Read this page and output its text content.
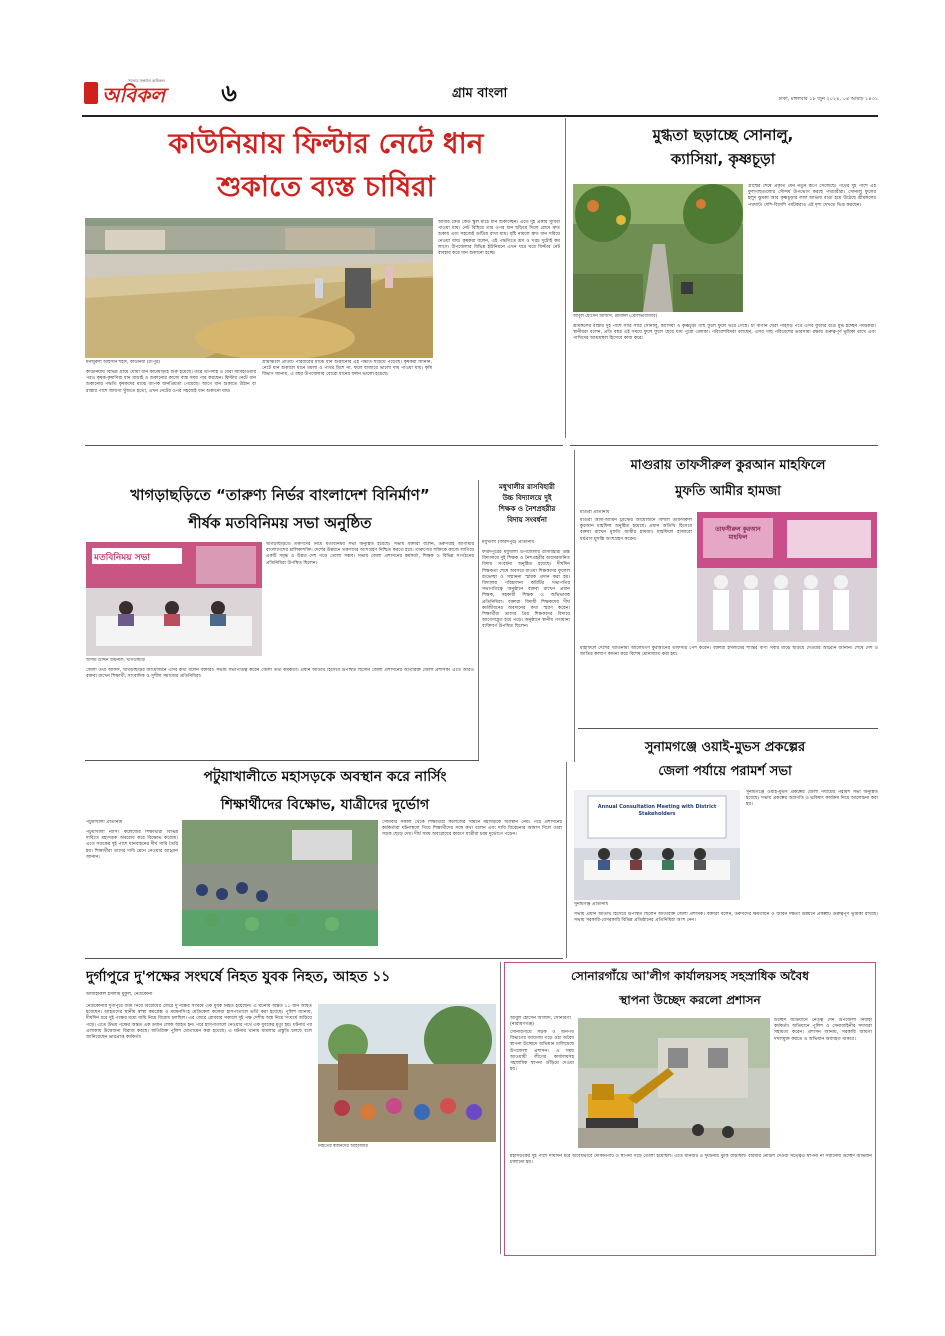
অবিকল
সত্যের সন্ধানে অবিকল ৬	গ্রাম বাংলা	ঢাকা, মঙ্গলবার ১৮ জুন ২০২৪, ০৪ আষাঢ় ১৪৩১
কাউনিয়ায় ফিল্টার নেটে ধান
শুকাতে ব্যস্ত চাষিরা
মনজুরুল আহসান শহীদ, কাউনিয়া (রংপুর)
কাউনিয়ায় বিভিন্ন গ্রামে ধোয়া ধান কাটামাড়াই শুরু হয়েছে। তীব্র তাপদাহ ও বৈরী আবহাওয়ার পরও কৃষক-কৃষাণিরা ধান মাড়াই ও শুকানোর কাজে ব্যস্ত সময় পার করছেন। ফিল্টার নেটে ধান শুকানোর পদ্ধতি কৃষকদের মাঝে ব্যাপক জনপ্রিয়তা পেয়েছে। আগে ধান শুকাতে উঠান বা রাস্তার পাশে জায়গা খুঁজতে হতো, এখন নেটের ওপর সহজেই ধান শুকানো যায়।
গ্রামাঞ্চলে প্রতিটি পরিবারের মাঝে ধান শুকানোর এই পদ্ধতি ছড়িয়ে পড়েছে। কৃষকরা জানান, নেটে ধান শুকালে ধানে ময়লা ও পাথর মিশে না, ফলে বাজারে ভালো দাম পাওয়া যায়। কৃষি বিভাগ জানায়, এ বছর উপজেলায় বোরো ধানের ফলন ভালো হয়েছে।
আবার কেউ কেউ স্কুল মাঠে ধান শুকাচ্ছেন। এতে দুই প্রকার সুবিধা পাওয়া যায়। নেট বিছিয়ে তার ওপর ধান ছড়িয়ে দিলে রোদে দ্রুত শুকায় এবং সহজেই গুটিয়ে রাখা যায়। বৃষ্টি নামলে দ্রুত ধান সরিয়ে নেওয়া যায়। কৃষকরা বলেন, এই পদ্ধতিতে শ্রম ও খরচ দুটোই কম লাগে। উপজেলার বিভিন্ন ইউনিয়নে এখন ঘরে ঘরে ফিল্টার নেট ব্যবহার করে ধান শুকানো হচ্ছে।
মুগ্ধতা ছড়াচ্ছে সোনালু,
ক্যাসিয়া, কৃষ্ণচূড়া
আবুল হোসেন আজাদ, শ্রীমঙ্গল (মৌলভীবাজার)
গ্রীষ্মের শেষে প্রকৃতি যেন নতুন রূপে সেজেছে। পথের দুই পাশে এই ফুলগাছগুলোর সৌন্দর্য উপভোগ করছে পথচারীরা। সোনালু ফুলের হলুদ ঝুমকা আর কৃষ্ণচূড়ার লাল আভায় রাঙা হয়ে উঠেছে শ্রীমঙ্গলের পথঘাট। দেশি-বিদেশি পর্যটকরাও এই দৃশ্য দেখতে ভিড় করছেন।
শ্রীমঙ্গলের রাস্তার দুই পাশে সারি সারি সোনালু, ক্যাসিয়া ও কৃষ্ণচূড়া গাছ ফুলে ফুলে ভরে গেছে। চা বাগান ঘেরা পাহাড়ি পথে এসব ফুলের রঙে মুগ্ধ হচ্ছেন পর্যটকরা। স্থানীয়রা বলেন, প্রতি বছর এই সময়ে ফুলে ফুলে ছেয়ে যায় পুরো এলাকা। পরিবেশবিদরা বলছেন, এসব গাছ পরিবেশের ভারসাম্য রক্ষায় গুরুত্বপূর্ণ ভূমিকা রাখে এবং পাখিদের আশ্রয়স্থল হিসেবে কাজ করে।
খাগড়াছড়িতে “তারুণ্য নির্ভর বাংলাদেশ বিনির্মাণ”
শীর্ষক মতবিনিময় সভা অনুষ্ঠিত
মতবিনিময় সভা
জসীম উদ্দিন জয়নাল, খাগড়াছড়ি
খাগড়াছড়িতে তরুণদের নিয়ে মতবিনিময় সভা অনুষ্ঠিত হয়েছে। সভায় বক্তারা বলেন, তরুণরাই আগামীর বাংলাদেশের চালিকাশক্তি। দেশের উন্নয়নে তরুণদের অংশগ্রহণ নিশ্চিত করতে হবে। তারুণ্যের শক্তিকে কাজে লাগিয়ে একটি সমৃদ্ধ ও উন্নত দেশ গড়ে তোলা সম্ভব। সভায় জেলা প্রশাসনের কর্মকর্তা, শিক্ষক ও বিভিন্ন সংগঠনের প্রতিনিধিরা উপস্থিত ছিলেন।
জেলা তথ্য অফিস, খাগড়াছড়ির আয়োজনে এসব কথা বলেন বক্তারা। সভায় সভাপতিত্ব করেন জেলা তথ্য কর্মকর্তা। প্রধান অতিথি হিসেবে উপস্থিত ছিলেন জেলা প্রশাসনের অতিরিক্ত জেলা প্রশাসক। এতে আরও বক্তব্য রাখেন শিক্ষার্থী, সাংবাদিক ও সুশীল সমাজের প্রতিনিধিরা।
মধুখালীর রাসবিহারী
উচ্চ বিদ্যালয়ে দুই
শিক্ষক ও নৈশপ্রহরীর
বিদায় সংবর্ধনা
মধুখালী (ফরিদপুর) প্রতিনিধি
ফরিদপুরের মধুখালী উপজেলার রাসবিহারী উচ্চ বিদ্যালয়ে দুই শিক্ষক ও নৈশপ্রহরীর অবসরজনিত বিদায় সংবর্ধনা অনুষ্ঠিত হয়েছে। দীর্ঘদিন শিক্ষকতা শেষে অবসরে যাওয়া শিক্ষকদের ফুলেল শুভেচ্ছা ও সম্মাননা স্মারক প্রদান করা হয়। বিদ্যালয় পরিচালনা কমিটির সভাপতির সভাপতিত্বে অনুষ্ঠানে বক্তব্য রাখেন প্রধান শিক্ষক, সহকারী শিক্ষক ও অভিভাবক প্রতিনিধিরা। বক্তারা বিদায়ী শিক্ষকদের দীর্ঘ কর্মজীবনের অবদানের কথা স্মরণ করেন। শিক্ষার্থীরা তাদের প্রিয় শিক্ষকদের বিদায়ে আবেগাপ্লুত হয়ে পড়ে। অনুষ্ঠানে স্থানীয় গণ্যমান্য ব্যক্তিবর্গ উপস্থিত ছিলেন।
মাগুরায় তাফসীরুল কুরআন মাহফিলে
মুফতি আমীর হামজা
মাগুরা প্রতিনিধি
মাগুরা আল-আমিন ট্রাস্টের আয়োজনে বিশাল তাফসীরুল কুরআন মাহফিল অনুষ্ঠিত হয়েছে। প্রধান অতিথি হিসেবে বক্তব্য রাখেন মুফতি আমীর হামজা। মাহফিলে হাজারো ধর্মপ্রাণ মুসল্লি অংশগ্রহণ করেন।
তাফসীরুল কুরআন মাহফিল
মাহফিলে দেশের খ্যাতনামা আলেমগণ কুরআনের তাফসীর পেশ করেন। বক্তারা ইসলামের শান্তির বাণী সবার মাঝে ছড়িয়ে দেওয়ার আহ্বান জানান। শেষে দেশ ও জাতির কল্যাণ কামনা করে বিশেষ মোনাজাত করা হয়।
পটুয়াখালীতে মহাসড়কে অবস্থান করে নার্সিং
শিক্ষার্থীদের বিক্ষোভ, যাত্রীদের দুর্ভোগ
পটুয়াখালী প্রতিনিধি
পটুয়াখালী নার্সিং কলেজের শিক্ষার্থীরা বিভিন্ন দাবিতে মহাসড়ক অবরোধ করে বিক্ষোভ করেছে। এতে সড়কের দুই পাশে যানবাহনের দীর্ঘ সারি তৈরি হয়। শিক্ষার্থীরা তাদের দাবি মেনে নেওয়ার আহ্বান জানান।
সোমবার সকাল থেকে শিক্ষার্থীরা কলেজের সামনে মহাসড়কে অবস্থান নেয়। পরে প্রশাসনের কর্মকর্তারা ঘটনাস্থলে গিয়ে শিক্ষার্থীদের সঙ্গে কথা বলেন এবং দাবি বিবেচনার আশ্বাস দিলে তারা সড়ক ছেড়ে দেয়। দীর্ঘ সময় অবরোধের কারণে যাত্রীরা চরম দুর্ভোগে পড়েন।
সুনামগঞ্জে ওয়াই-মুভস প্রকল্পের
জেলা পর্যায়ে পরামর্শ সভা
Annual Consultation Meeting with District Stakeholders
সুনামগঞ্জ প্রতিনিধি
সুনামগঞ্জে ওয়াই-মুভস প্রকল্পের জেলা পর্যায়ের পরামর্শ সভা অনুষ্ঠিত হয়েছে। সভায় প্রকল্পের অগ্রগতি ও ভবিষ্যৎ কার্যক্রম নিয়ে আলোচনা করা হয়।
সভায় প্রধান অতিথি হিসেবে উপস্থিত ছিলেন অতিরিক্ত জেলা প্রশাসক। বক্তারা বলেন, তরুণদের ক্ষমতায়ন ও জীবন দক্ষতা উন্নয়নে প্রকল্পটি গুরুত্বপূর্ণ ভূমিকা রাখছে। সভায় সরকারি-বেসরকারি বিভিন্ন প্রতিষ্ঠানের প্রতিনিধিরা অংশ নেন।
দুর্গাপুরে দু'পক্ষের সংঘর্ষে নিহত যুবক নিহত, আহত ১১
আজহারুল ইসলাম মুকুল, নেত্রকোনা
নিহতের স্বজনদের আহাজারি
নেত্রকোনার দুর্গাপুরে জমি নিয়ে বিরোধের জেরে দু'পক্ষের সংঘর্ষে এক যুবক নিহত হয়েছেন। এ ঘটনায় অন্তত ১১ জন আহত হয়েছেন। আহতদের স্থানীয় স্বাস্থ্য কমপ্লেক্স ও ময়মনসিংহ মেডিকেল কলেজ হাসপাতালে ভর্তি করা হয়েছে। পুলিশ জানায়, দীর্ঘদিন ধরে দুই পক্ষের মধ্যে জমি নিয়ে বিরোধ চলছিল। এর জেরে রোববার সকালে দুই পক্ষ দেশীয় অস্ত্র নিয়ে সংঘর্ষে জড়িয়ে পড়ে। এতে উভয় পক্ষের অন্তত এক ডজন লোক আহত হন। পরে হাসপাতালে নেওয়ার পথে এক যুবকের মৃত্যু হয়। ঘটনার পর এলাকায় উত্তেজনা বিরাজ করছে। অতিরিক্ত পুলিশ মোতায়েন করা হয়েছে। এ ঘটনায় থানায় মামলার প্রস্তুতি চলছে বলে জানিয়েছেন ভারপ্রাপ্ত কর্মকর্তা।
সোনারগাঁয়ে আ'লীগ কার্যালয়সহ সহস্রাধিক অবৈধ
স্থাপনা উচ্ছেদ করলো প্রশাসন
আবুল হোসেন আজাদ, সোনারগাঁ (নারায়ণগঞ্জ)
সোনারগাঁয়ে সড়ক ও জনপথ বিভাগের জায়গায় গড়ে ওঠা অবৈধ স্থাপনা উচ্ছেদে অভিযান চালিয়েছে উপজেলা প্রশাসন। এ সময় আওয়ামী লীগের কার্যালয়সহ সহস্রাধিক স্থাপনা গুঁড়িয়ে দেওয়া হয়।
উচ্ছেদ অভিযানে নেতৃত্ব দেন উপজেলা নির্বাহী কর্মকর্তা। অভিযানে পুলিশ ও সেনাবাহিনীর সদস্যরা সহায়তা করেন। প্রশাসন জানায়, সরকারি জায়গা দখলমুক্ত করতে এ অভিযান অব্যাহত থাকবে।
মহাসড়কের দুই পাশে দীর্ঘদিন ধরে অবৈধভাবে দোকানপাট ও স্থাপনা গড়ে তোলা হয়েছিল। এতে যানজট ও দুর্ঘটনার ঝুঁকি বাড়ছিল। বারবার নোটিশ দেওয়া সত্ত্বেও স্থাপনা না সরানোয় উচ্ছেদ অভিযান চালানো হয়।
